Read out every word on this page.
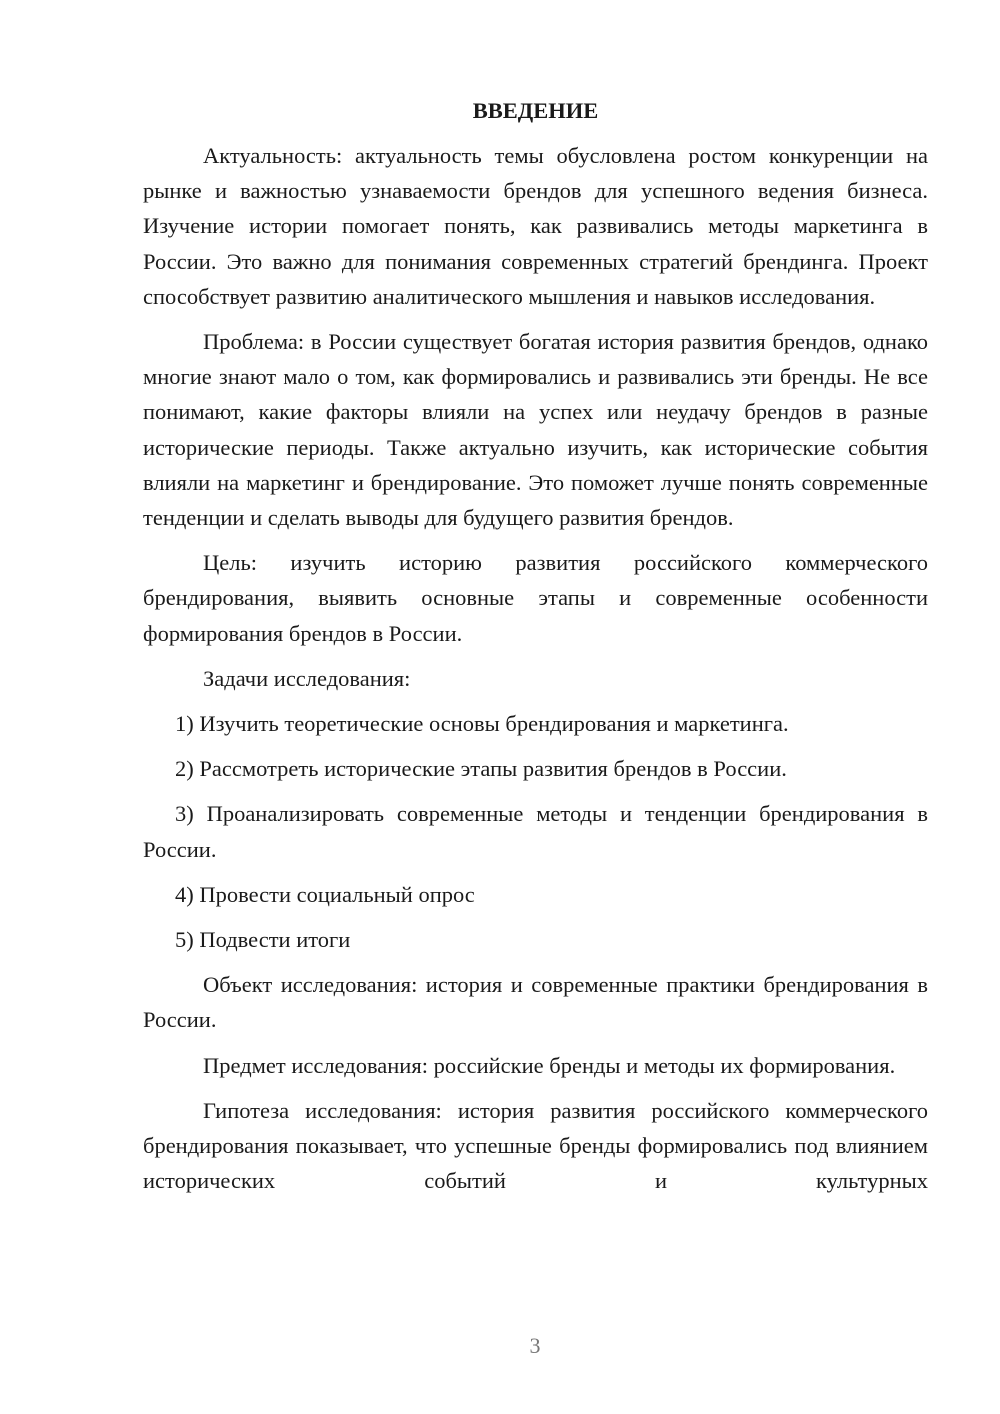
ВВЕДЕНИЕ

Актуальность: актуальность темы обусловлена ростом конкуренции на рынке и важностью узнаваемости брендов для успешного ведения бизнеса. Изучение истории помогает понять, как развивались методы маркетинга в России. Это важно для понимания современных стратегий брендинга. Проект способствует развитию аналитического мышления и навыков исследования.

Проблема: в России существует богатая история развития брендов, однако многие знают мало о том, как формировались и развивались эти бренды. Не все понимают, какие факторы влияли на успех или неудачу брендов в разные исторические периоды. Также актуально изучить, как исторические события влияли на маркетинг и брендирование. Это поможет лучше понять современные тенденции и сделать выводы для будущего развития брендов.

Цель: изучить историю развития российского коммерческого брендирования, выявить основные этапы и современные особенности формирования брендов в России.

Задачи исследования:

1) Изучить теоретические основы брендирования и маркетинга.

2) Рассмотреть исторические этапы развития брендов в России.

3) Проанализировать современные методы и тенденции брендирования в России.

4) Провести социальный опрос

5) Подвести итоги

Объект исследования: история и современные практики брендирования в России.

Предмет исследования: российские бренды и методы их формирования.

Гипотеза исследования: история развития российского коммерческого брендирования показывает, что успешные бренды формировались под влиянием исторических событий и культурных

3
